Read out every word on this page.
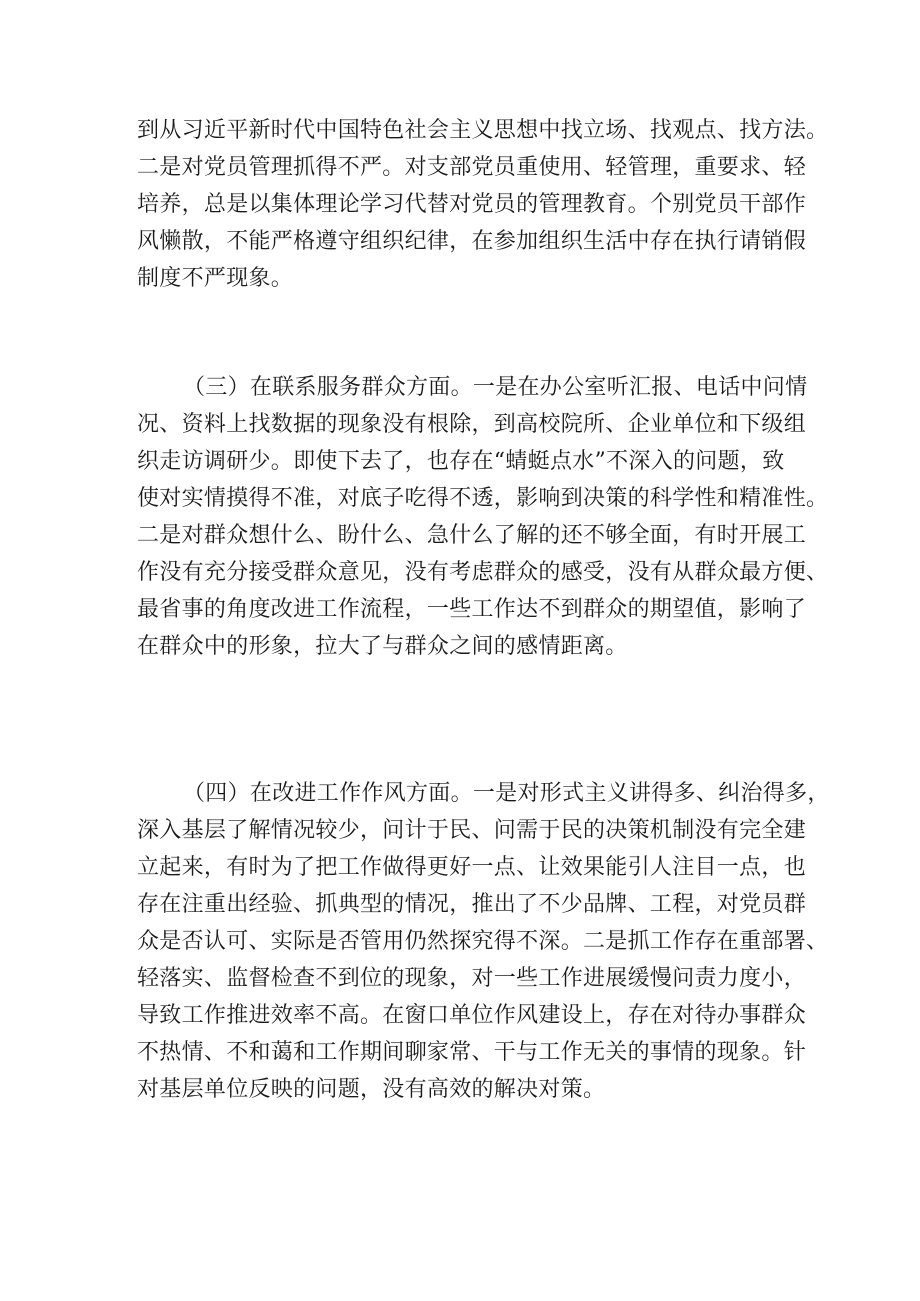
到从习近平新时代中国特色社会主义思想中找立场、找观点、找方法。
二是对党员管理抓得不严。对支部党员重使用、轻管理，重要求、轻
培养，总是以集体理论学习代替对党员的管理教育。个别党员干部作
风懒散，不能严格遵守组织纪律，在参加组织生活中存在执行请销假
制度不严现象。

（三）在联系服务群众方面。一是在办公室听汇报、电话中问情
况、资料上找数据的现象没有根除，到高校院所、企业单位和下级组
织走访调研少。即使下去了，也存在“蜻蜓点水”不深入的问题，致
使对实情摸得不准，对底子吃得不透，影响到决策的科学性和精准性。
二是对群众想什么、盼什么、急什么了解的还不够全面，有时开展工
作没有充分接受群众意见，没有考虑群众的感受，没有从群众最方便、
最省事的角度改进工作流程，一些工作达不到群众的期望值，影响了
在群众中的形象，拉大了与群众之间的感情距离。

（四）在改进工作作风方面。一是对形式主义讲得多、纠治得多，
深入基层了解情况较少，问计于民、问需于民的决策机制没有完全建
立起来，有时为了把工作做得更好一点、让效果能引人注目一点，也
存在注重出经验、抓典型的情况，推出了不少品牌、工程，对党员群
众是否认可、实际是否管用仍然探究得不深。二是抓工作存在重部署、
轻落实、监督检查不到位的现象，对一些工作进展缓慢问责力度小，
导致工作推进效率不高。在窗口单位作风建设上，存在对待办事群众
不热情、不和蔼和工作期间聊家常、干与工作无关的事情的现象。针
对基层单位反映的问题，没有高效的解决对策。
